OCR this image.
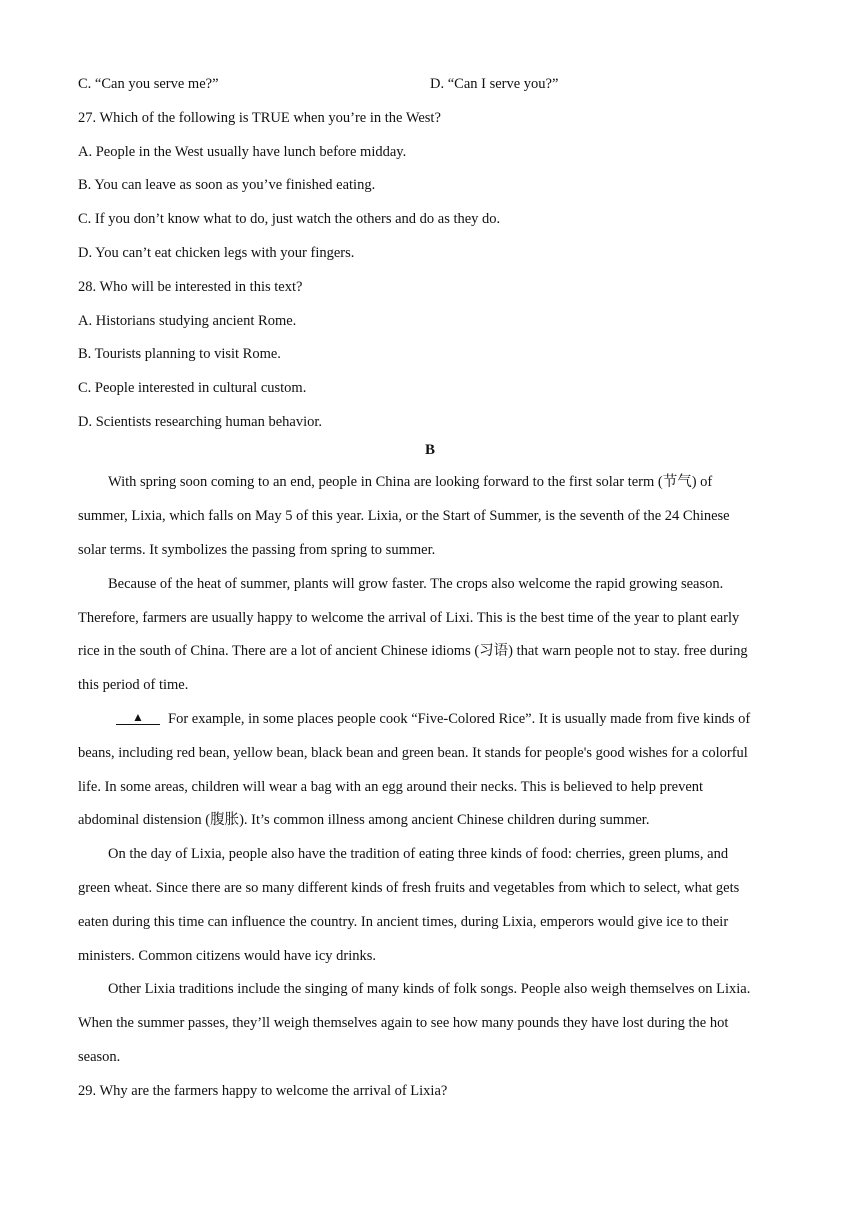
C. “Can you serve me?”	D. “Can I serve you?”
27. Which of the following is TRUE when you’re in the West?
A. People in the West usually have lunch before midday.
B. You can leave as soon as you’ve finished eating.
C. If you don’t know what to do, just watch the others and do as they do.
D. You can’t eat chicken legs with your fingers.
28. Who will be interested in this text?
A. Historians studying ancient Rome.
B. Tourists planning to visit Rome.
C. People interested in cultural custom.
D. Scientists researching human behavior.
B
With spring soon coming to an end, people in China are looking forward to the first solar term (节气) of
summer, Lixia, which falls on May 5 of this year. Lixia, or the Start of Summer, is the seventh of the 24 Chinese
solar terms. It symbolizes the passing from spring to summer.
Because of the heat of summer, plants will grow faster. The crops also welcome the rapid growing season.
Therefore, farmers are usually happy to welcome the arrival of Lixi. This is the best time of the year to plant early
rice in the south of China. There are a lot of ancient Chinese idioms (习语) that warn people not to stay. free during
this period of time.
▲ For example, in some places people cook “Five-Colored Rice”. It is usually made from five kinds of
beans, including red bean, yellow bean, black bean and green bean. It stands for people's good wishes for a colorful
life. In some areas, children will wear a bag with an egg around their necks. This is believed to help prevent
abdominal distension (腹胀). It’s common illness among ancient Chinese children during summer.
On the day of Lixia, people also have the tradition of eating three kinds of food: cherries, green plums, and
green wheat. Since there are so many different kinds of fresh fruits and vegetables from which to select, what gets
eaten during this time can influence the country. In ancient times, during Lixia, emperors would give ice to their
ministers. Common citizens would have icy drinks.
Other Lixia traditions include the singing of many kinds of folk songs. People also weigh themselves on Lixia.
When the summer passes, they’ll weigh themselves again to see how many pounds they have lost during the hot
season.
29. Why are the farmers happy to welcome the arrival of Lixia?
